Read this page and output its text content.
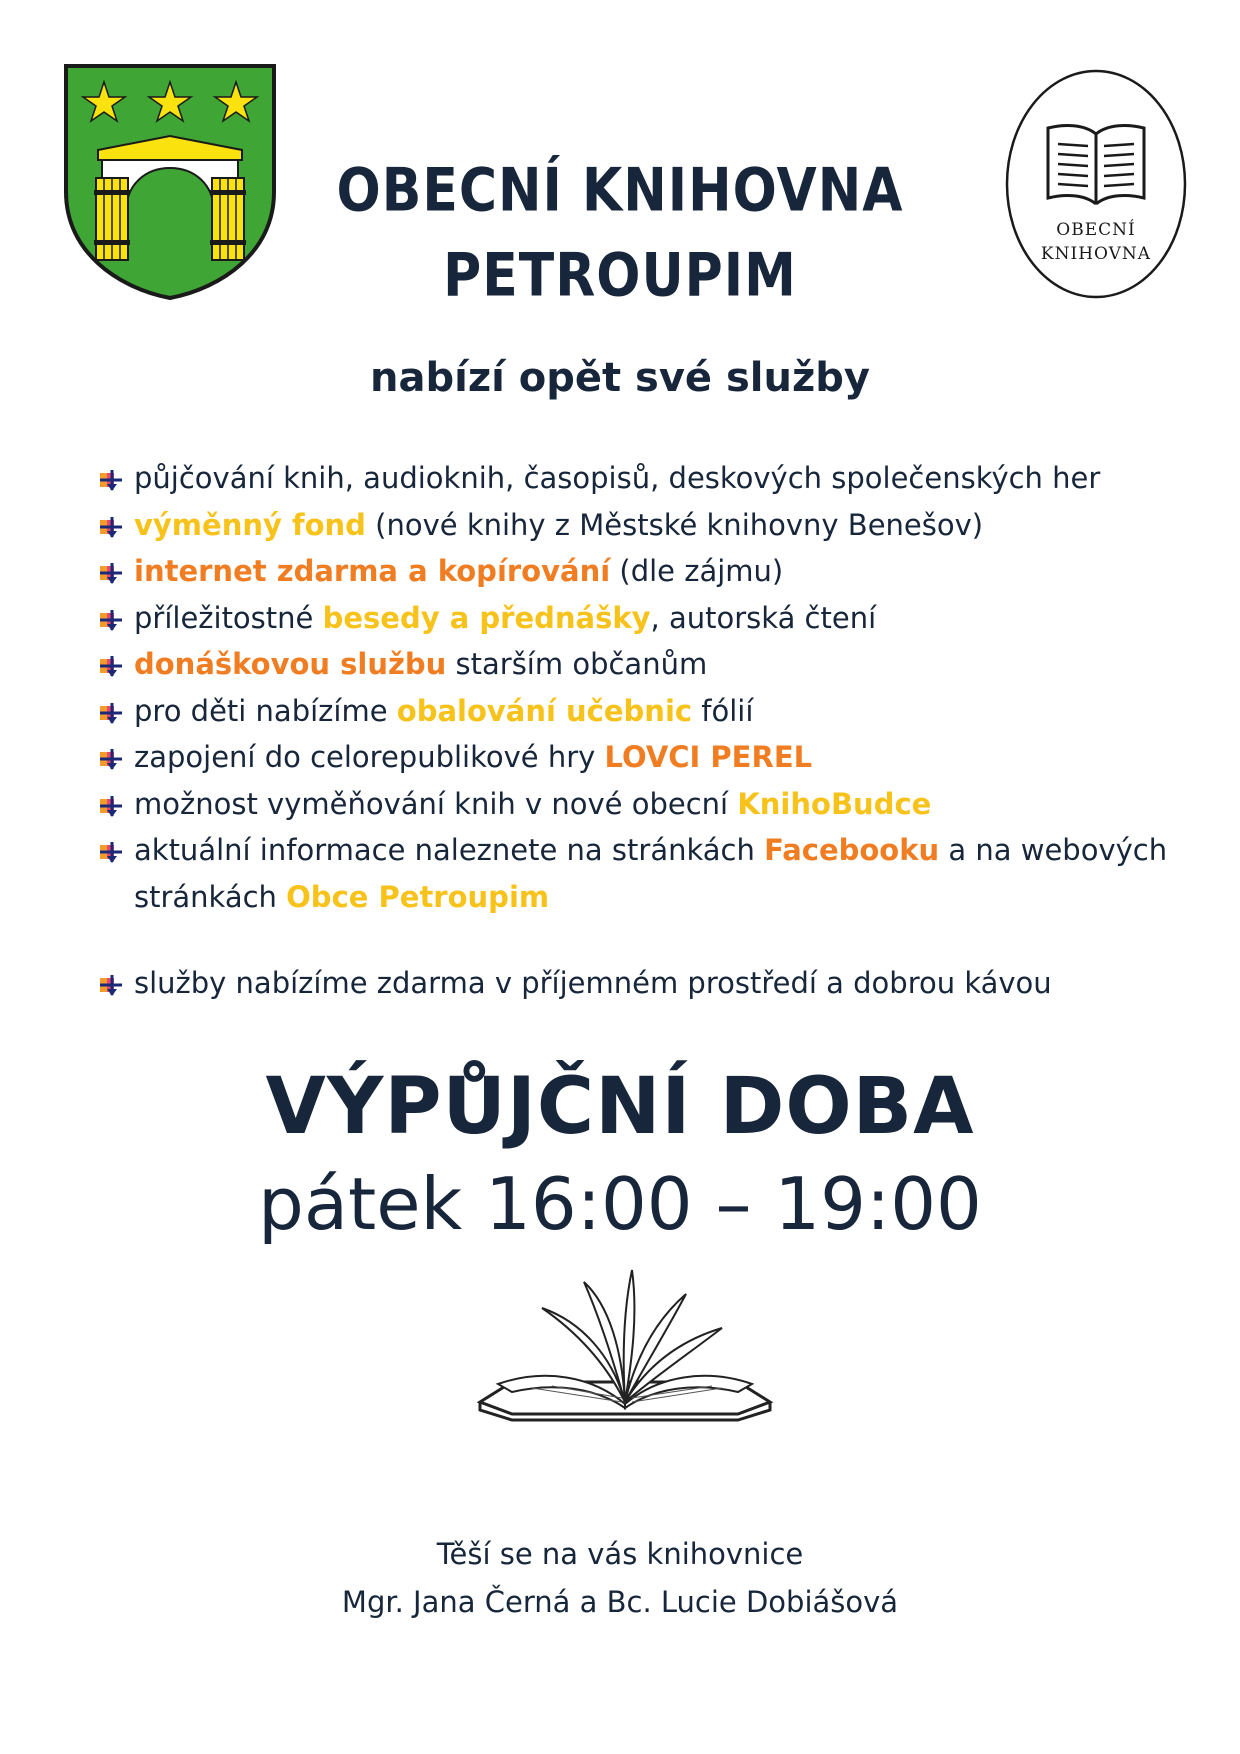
OBECNÍ
KNIHOVNA
OBECNÍ KNIHOVNA
PETROUPIM
nabízí opět své služby
půjčování knih, audioknih, časopisů, deskových společenských her
výměnný fond (nové knihy z Městské knihovny Benešov)
internet zdarma a kopírování (dle zájmu)
příležitostné besedy a přednášky, autorská čtení
donáškovou službu starším občanům
pro děti nabízíme obalování učebnic fólií
zapojení do celorepublikové hry LOVCI PEREL
možnost vyměňování knih v nové obecní KnihoBudce
aktuální informace naleznete na stránkách Facebooku a na webových
stránkách Obce Petroupim
služby nabízíme zdarma v příjemném prostředí a dobrou kávou
VÝPŮJČNÍ DOBA
pátek 16:00 – 19:00
Těší se na vás knihovnice
Mgr. Jana Černá a Bc. Lucie Dobiášová
